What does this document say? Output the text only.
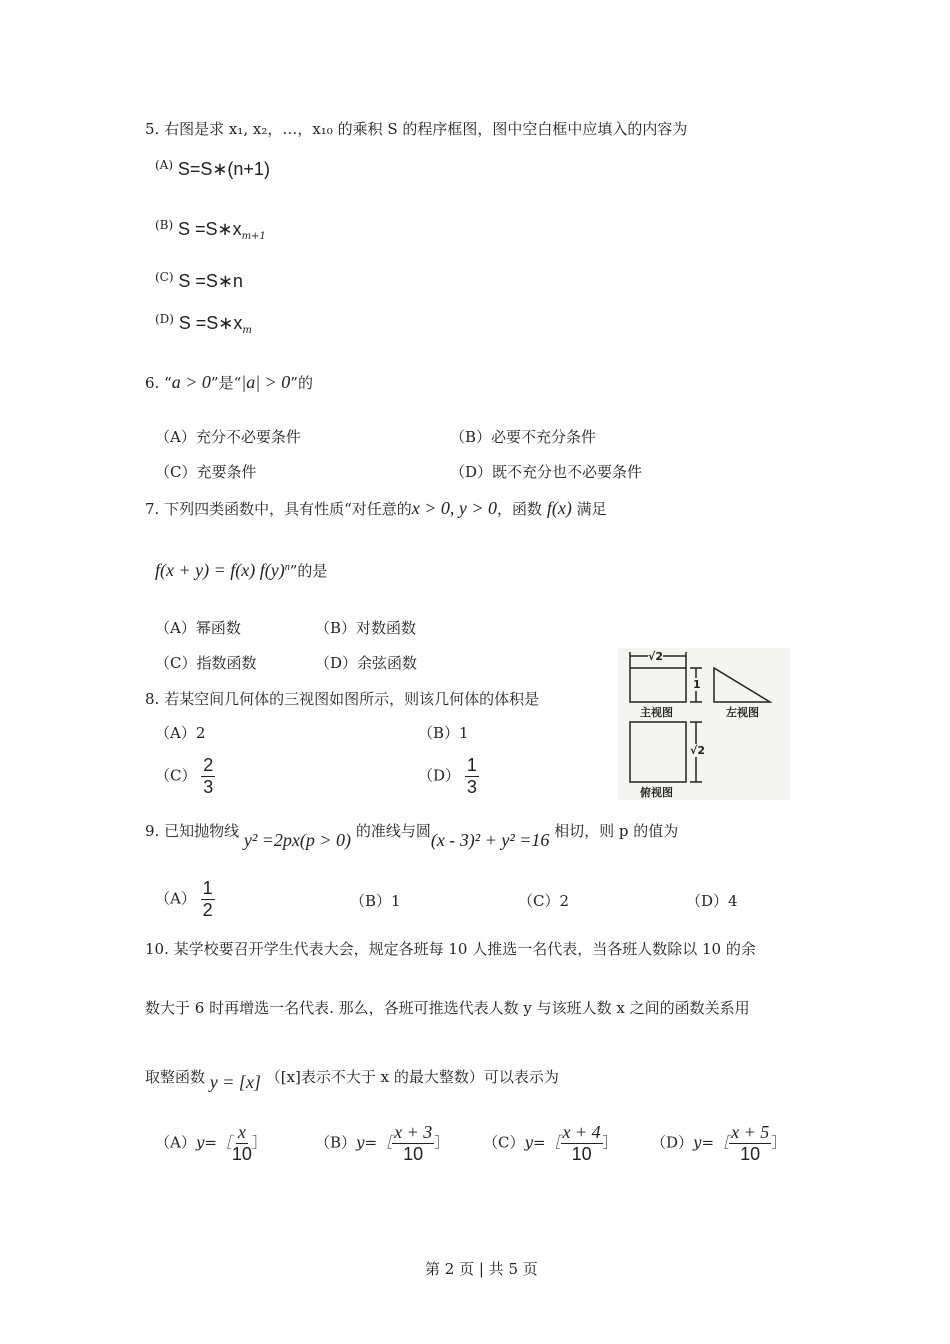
5. 右图是求 x₁, x₂，…，x₁₀ 的乘积 S 的程序框图，图中空白框中应填入的内容为
$^{(A)}$ S=S∗(n+1)
$^{(B)}$ $S =S∗x_{m+1}$
$^{(C)}$ S =S∗n
$^{(D)}$ $S =S∗x_m$
6. “a > 0”是“|a| > 0”的
（A）充分不必要条件	（B）必要不充分条件
（C）充要条件	（D）既不充分也不必要条件
7. 下列四类函数中，具有性质“对任意的x > 0, y > 0，函数 f(x) 满足
f(x + y) = f(x) $f(y)^n$”的是
（A）幂函数	（B）对数函数
（C）指数函数	（D）余弦函数
8. 若某空间几何体的三视图如图所示，则该几何体的体积是
（A）2	（B）1
$(C) \frac{2}{3}$	$(D) \frac{1}{3}$
√2
1
√2
主视图	左视图
俯视图
9. 已知抛物线 y² =2px(p > 0) 的准线与圆(x - 3)² + y² =16 相切，则 p 的值为
$(A) \frac{1}{2}$	（B）1	（C）2	（D）4
10. 某学校要召开学生代表大会，规定各班每 10 人推选一名代表，当各班人数除以 10 的余
数大于 6 时再增选一名代表. 那么，各班可推选代表人数 y 与该班人数 x 之间的函数关系用
取整函数 y = [x] （[x]表示不大于 x 的最大整数）可以表示为
（A）y=［ $\frac{x}{10}$ ］	（B）y=［ $\frac{x + 3}{10}$ ］ （C）y=［ $\frac{x + 4}{10}$ ］ （D）y=［ $\frac{x + 5}{10}$ ］
第 2 页 | 共 5 页
